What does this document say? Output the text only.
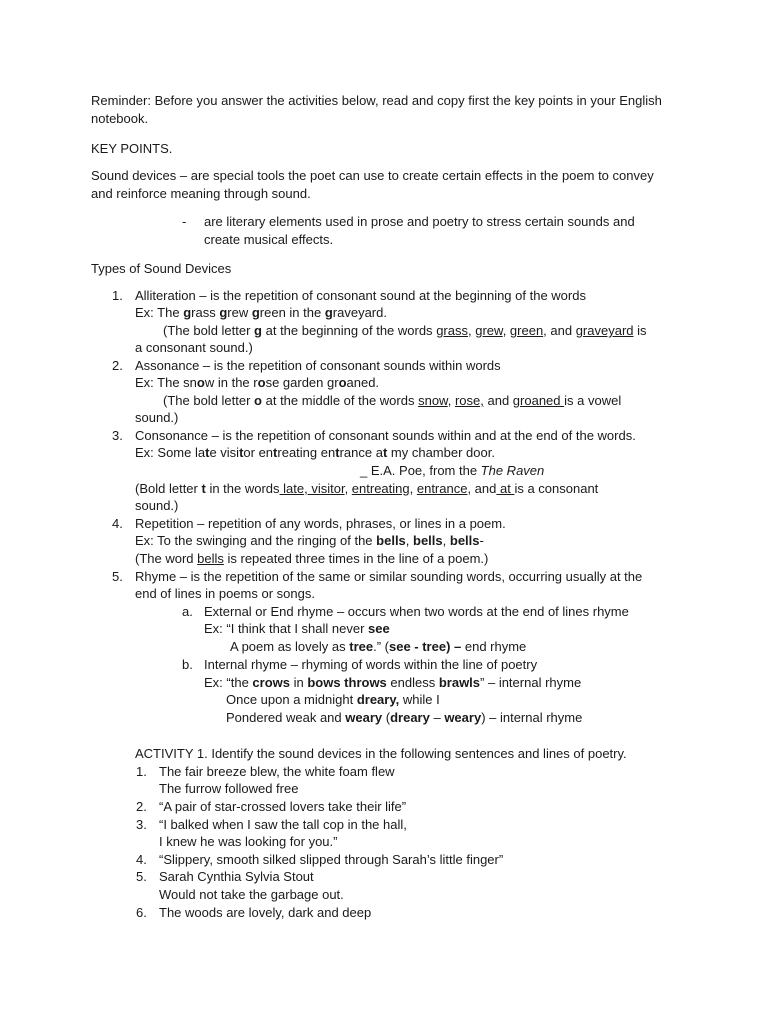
Reminder: Before you answer the activities below, read and copy first the key points in your English notebook.

KEY POINTS.

Sound devices – are special tools the poet can use to create certain effects in the poem to convey and reinforce meaning through sound.

- are literary elements used in prose and poetry to stress certain sounds and
create musical effects.
Types of Sound Devices
1. Alliteration – is the repetition of consonant sound at the beginning of the words
Ex: The grass grew green in the graveyard.
(The bold letter g at the beginning of the words grass, grew, green, and graveyard is
a consonant sound.)
2. Assonance – is the repetition of consonant sounds within words
Ex: The snow in the rose garden groaned.
(The bold letter o at the middle of the words snow, rose, and groaned is a vowel
sound.)
3. Consonance – is the repetition of consonant sounds within and at the end of the words.
Ex: Some late visitor entreating entrance at my chamber door.
_ E.A. Poe, from the The Raven
(Bold letter t in the words late, visitor, entreating, entrance, and at is a consonant
sound.)
4. Repetition – repetition of any words, phrases, or lines in a poem.
Ex: To the swinging and the ringing of the bells, bells, bells-
(The word bells is repeated three times in the line of a poem.)
5. Rhyme – is the repetition of the same or similar sounding words, occurring usually at the
end of lines in poems or songs.
a. External or End rhyme – occurs when two words at the end of lines rhyme
Ex: “I think that I shall never see
A poem as lovely as tree.” (see - tree) – end rhyme
b. Internal rhyme – rhyming of words within the line of poetry
Ex: “the crows in bows throws endless brawls” – internal rhyme
Once upon a midnight dreary, while I
Pondered weak and weary (dreary – weary) – internal rhyme
ACTIVITY 1. Identify the sound devices in the following sentences and lines of poetry.
1. The fair breeze blew, the white foam flew
The furrow followed free
2. “A pair of star-crossed lovers take their life”
3. “I balked when I saw the tall cop in the hall,
I knew he was looking for you.”
4. “Slippery, smooth silked slipped through Sarah’s little finger”
5. Sarah Cynthia Sylvia Stout
Would not take the garbage out.
6. The woods are lovely, dark and deep
